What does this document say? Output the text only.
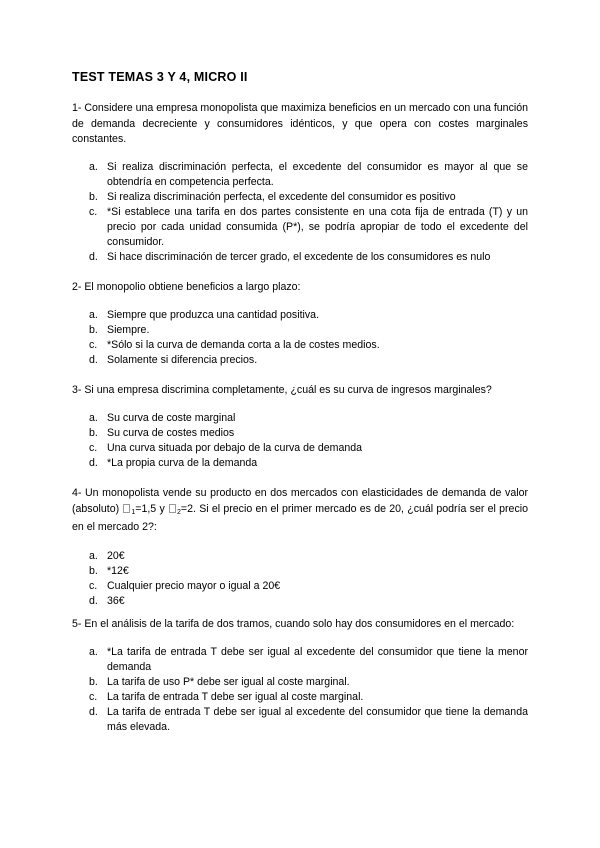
TEST TEMAS 3 Y 4, MICRO II

1- Considere una empresa monopolista que maximiza beneficios en un mercado con una función de demanda decreciente y consumidores idénticos, y que opera con costes marginales constantes.

a. Si realiza discriminación perfecta, el excedente del consumidor es mayor al que se obtendría en competencia perfecta.
b. Si realiza discriminación perfecta, el excedente del consumidor es positivo
c. *Si establece una tarifa en dos partes consistente en una cota fija de entrada (T) y un precio por cada unidad consumida (P*), se podría apropiar de todo el excedente del consumidor.
d. Si hace discriminación de tercer grado, el excedente de los consumidores es nulo

2- El monopolio obtiene beneficios a largo plazo:

a. Siempre que produzca una cantidad positiva.
b. Siempre.
c. *Sólo si la curva de demanda corta a la de costes medios.
d. Solamente si diferencia precios.

3- Si una empresa discrimina completamente, ¿cuál es su curva de ingresos marginales?

a. Su curva de coste marginal
b. Su curva de costes medios
c. Una curva situada por debajo de la curva de demanda
d. *La propia curva de la demanda

4- Un monopolista vende su producto en dos mercados con elasticidades de demanda de valor (absoluto) $_1$=1,5 y $_2$=2. Si el precio en el primer mercado es de 20, ¿cuál podría ser el precio en el mercado 2?:

a. 20€
b. *12€
c. Cualquier precio mayor o igual a 20€
d. 36€

5- En el análisis de la tarifa de dos tramos, cuando solo hay dos consumidores en el mercado:

a. *La tarifa de entrada T debe ser igual al excedente del consumidor que tiene la menor demanda
b. La tarifa de uso P* debe ser igual al coste marginal.
c. La tarifa de entrada T debe ser igual al coste marginal.
d. La tarifa de entrada T debe ser igual al excedente del consumidor que tiene la demanda más elevada.
